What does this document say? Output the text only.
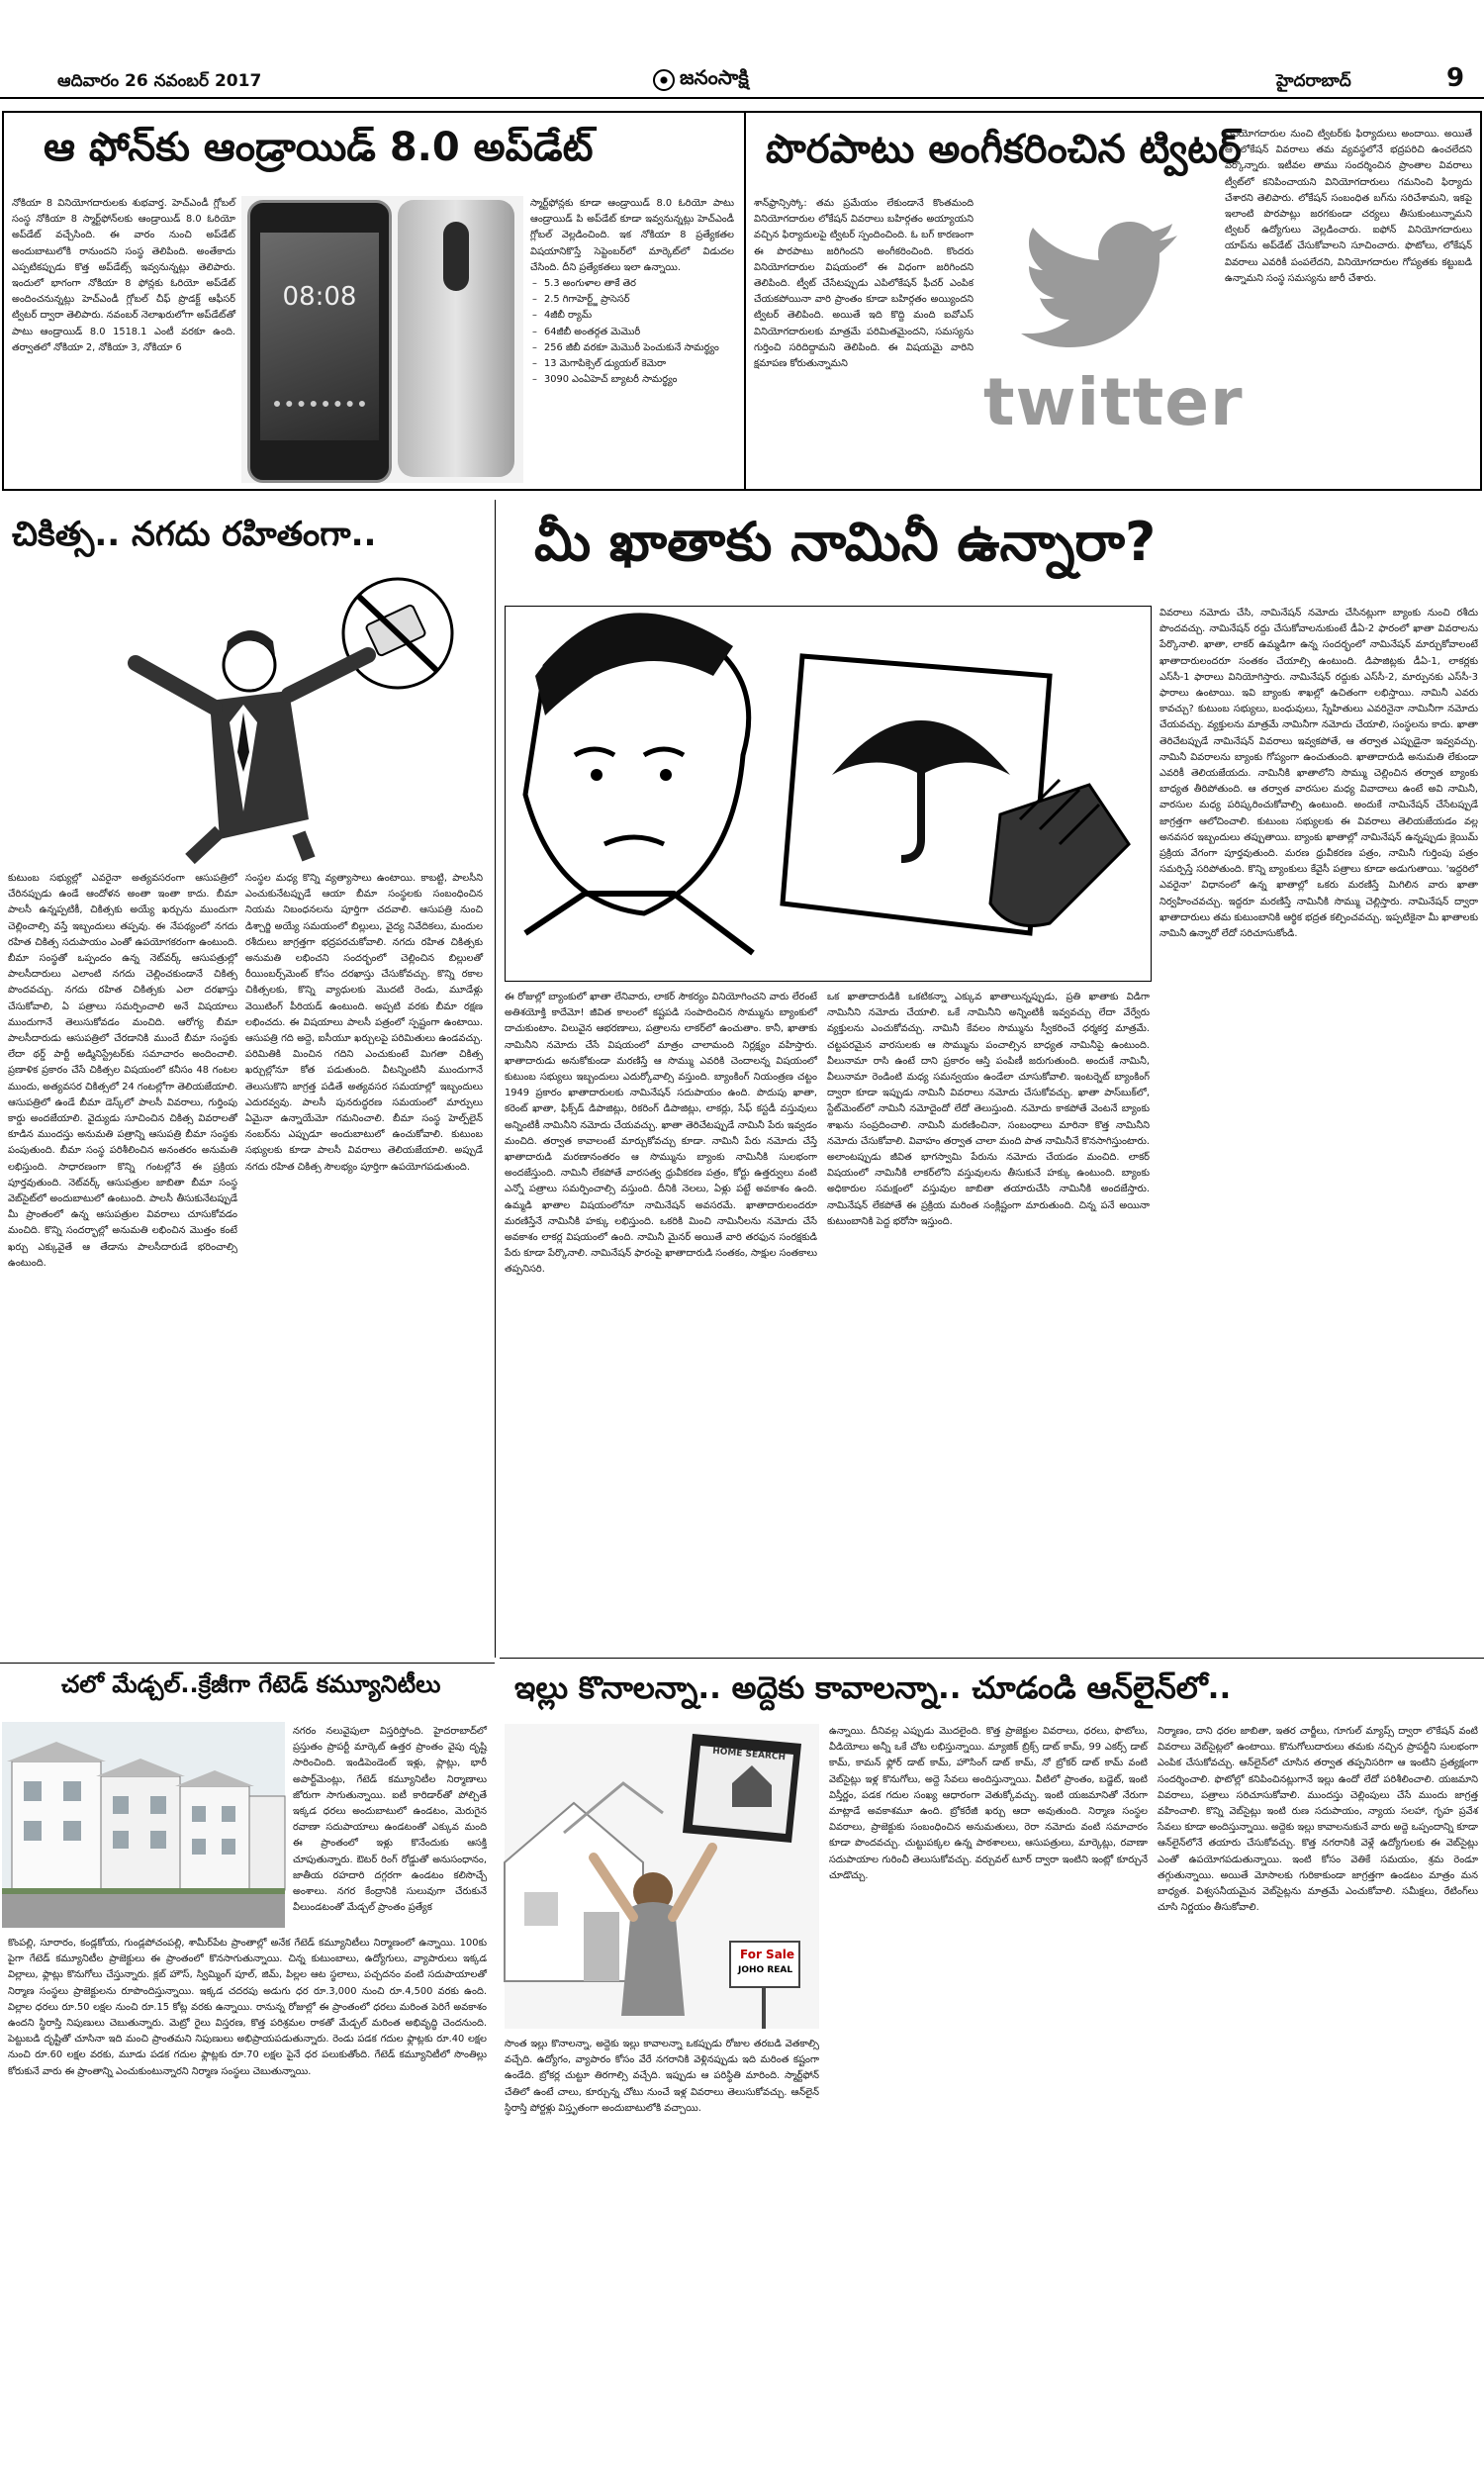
ఆదివారం 26 నవంబర్ 2017	జనంసాక్షి	హైదరాబాద్	9
ఆ ఫోన్‌కు ఆండ్రాయిడ్ 8.0 అప్‌డేట్
నోకియా 8 వినియోగదారులకు శుభవార్త. హెచ్‌ఎండీ గ్లోబల్ సంస్థ నోకియా 8 స్మార్ట్‌ఫోన్‌లకు ఆండ్రాయిడ్ 8.0 ఓరియో అప్‌డేట్ వచ్చేసింది. ఈ వారం నుంచి అప్‌డేట్ అందుబాటులోకి రానుందని సంస్థ తెలిపింది. అంతేకాదు ఎప్పటికప్పుడు కొత్త అప్‌డేట్స్ ఇవ్వనున్నట్లు తెలిపారు. ఇందులో భాగంగా నోకియా 8 ఫోన్లకు ఓరియో అప్‌డేట్ అందించనున్నట్లు హెచ్‌ఎండీ గ్లోబల్ చీఫ్ ప్రొడక్ట్ ఆఫీసర్ ట్విటర్ ద్వారా తెలిపారు. నవంబర్ నెలాఖరులోగా అప్‌డేట్‌తో పాటు ఆండ్రాయిడ్ 8.0 1518.1 ఎంటీ వరకూ ఉంది. తర్వాతలో నోకియా 2, నోకియా 3, నోకియా 6
08:08
స్మార్ట్‌ఫోన్లకు కూడా ఆండ్రాయిడ్ 8.0 ఓరియో పాటు ఆండ్రాయిడ్ పి అప్‌డేట్ కూడా ఇవ్వనున్నట్లు హెచ్‌ఎండీ గ్లోబల్ వెల్లడించింది. ఇక నోకియా 8 ప్రత్యేకతల విషయానికొస్తే సెప్టెంబర్‌లో మార్కెట్‌లో విడుదల చేసింది. దీని ప్రత్యేకతలు ఇలా ఉన్నాయి.
– 5.3 అంగుళాల తాకే తెర
– 2.5 గిగాహెర్ట్జ్ ప్రాసెసర్
– 4జీబీ ర్యామ్
– 64జీబీ అంతర్గత మెమొరీ
– 256 జీబీ వరకూ మెమొరీ పెంచుకునే సామర్థ్యం
– 13 మెగాపిక్సెల్ డ్యుయల్ కెమెరా
– 3090 ఎంఏహెచ్ బ్యాటరీ సామర్థ్యం
పొరపాటు అంగీకరించిన ట్విటర్
శాన్‌ఫ్రాన్సిస్కో: తమ ప్రమేయం లేకుండానే కొంతమంది వినియోగదారుల లోకేషన్ వివరాలు బహిర్గతం అయ్యాయని వచ్చిన ఫిర్యాదులపై ట్విటర్ స్పందించింది. ఓ బగ్ కారణంగా ఈ పొరపాటు జరిగిందని అంగీకరించింది. కొందరు వినియోగదారుల విషయంలో ఈ విధంగా జరిగిందని తెలిపింది. ట్వీట్ చేసేటప్పుడు ఎపిలోకేషన్ ఫీచర్ ఎంపిక చేయకపోయినా వారి ప్రాంతం కూడా బహిర్గతం అయ్యిందని ట్విటర్ తెలిపింది. అయితే ఇది కొద్ది మంది ఐవోఎస్ వినియోగదారులకు మాత్రమే పరిమితమైందని, సమస్యను గుర్తించి సరిదిద్దామని తెలిపింది. ఈ విషయమై వారిని క్షమాపణ కోరుతున్నామని
twitter
వినియోగదారుల నుంచి ట్విటర్‌కు ఫిర్యాదులు అందాయి. అయితే ఆ లోకేషన్ వివరాలు తమ వ్యవస్థలోనే భద్రపరిచి ఉంచలేదని పేర్కొన్నారు. ఇటీవల తాము సందర్శించిన ప్రాంతాల వివరాలు ట్వీట్‌లో కనిపించాయని వినియోగదారులు గమనించి ఫిర్యాదు చేశారని తెలిపారు. లోకేషన్ సంబంధిత బగ్‌ను సరిచేశామని, ఇకపై ఇలాంటి పొరపాట్లు జరగకుండా చర్యలు తీసుకుంటున్నామని ట్విటర్ ఉద్యోగులు వెల్లడించారు. ఐఫోన్ వినియోగదారులు యాప్‌ను అప్‌డేట్ చేసుకోవాలని సూచించారు. ఫొటోలు, లోకేషన్ వివరాలు ఎవరికీ పంపలేదని, వినియోగదారుల గోప్యతకు కట్టుబడి ఉన్నామని సంస్థ సమస్యను జారీ చేశారు.
చికిత్స.. నగదు రహితంగా..
కుటుంబ సభ్యుల్లో ఎవరైనా అత్యవసరంగా ఆసుపత్రిలో చేరినప్పుడు ఉండే ఆందోళన అంతా ఇంతా కాదు. బీమా పాలసీ ఉన్నప్పటికీ, చికిత్సకు అయ్యే ఖర్చును ముందుగా చెల్లించాల్సి వస్తే ఇబ్బందులు తప్పవు. ఈ నేపథ్యంలో నగదు రహిత చికిత్స సదుపాయం ఎంతో ఉపయోగకరంగా ఉంటుంది. బీమా సంస్థతో ఒప్పందం ఉన్న నెట్‌వర్క్ ఆసుపత్రుల్లో పాలసీదారులు ఎలాంటి నగదు చెల్లించకుండానే చికిత్స పొందవచ్చు. నగదు రహిత చికిత్సకు ఎలా దరఖాస్తు చేసుకోవాలి, ఏ పత్రాలు సమర్పించాలి అనే విషయాలు ముందుగానే తెలుసుకోవడం మంచిది. ఆరోగ్య బీమా పాలసీదారుడు ఆసుపత్రిలో చేరడానికి ముందే బీమా సంస్థకు లేదా థర్డ్ పార్టీ అడ్మినిస్ట్రేటర్‌కు సమాచారం అందించాలి. ప్రణాళిక ప్రకారం చేసే చికిత్సల విషయంలో కనీసం 48 గంటల ముందు, అత్యవసర చికిత్సలో 24 గంటల్లోగా తెలియజేయాలి. ఆసుపత్రిలో ఉండే బీమా డెస్క్‌లో పాలసీ వివరాలు, గుర్తింపు కార్డు అందజేయాలి. వైద్యుడు సూచించిన చికిత్స వివరాలతో కూడిన ముందస్తు అనుమతి పత్రాన్ని ఆసుపత్రి బీమా సంస్థకు పంపుతుంది. బీమా సంస్థ పరిశీలించిన అనంతరం అనుమతి లభిస్తుంది. సాధారణంగా కొన్ని గంటల్లోనే ఈ ప్రక్రియ పూర్తవుతుంది. నెట్‌వర్క్ ఆసుపత్రుల జాబితా బీమా సంస్థ వెబ్‌సైట్‌లో అందుబాటులో ఉంటుంది. పాలసీ తీసుకునేటప్పుడే మీ ప్రాంతంలో ఉన్న ఆసుపత్రుల వివరాలు చూసుకోవడం మంచిది. కొన్ని సందర్భాల్లో అనుమతి లభించిన మొత్తం కంటే ఖర్చు ఎక్కువైతే ఆ తేడాను పాలసీదారుడే భరించాల్సి ఉంటుంది.
సంస్థల మధ్య కొన్ని వ్యత్యాసాలు ఉంటాయి. కాబట్టి, పాలసీని ఎంచుకునేటప్పుడే ఆయా బీమా సంస్థలకు సంబంధించిన నియమ నిబంధనలను పూర్తిగా చదవాలి. ఆసుపత్రి నుంచి డిశ్చార్జి అయ్యే సమయంలో బిల్లులు, వైద్య నివేదికలు, మందుల రశీదులు జాగ్రత్తగా భద్రపరచుకోవాలి. నగదు రహిత చికిత్సకు అనుమతి లభించని సందర్భంలో చెల్లించిన బిల్లులతో రీయింబర్స్‌మెంట్ కోసం దరఖాస్తు చేసుకోవచ్చు. కొన్ని రకాల చికిత్సలకు, కొన్ని వ్యాధులకు మొదటి రెండు, మూడేళ్లు వెయిటింగ్ పీరియడ్ ఉంటుంది. అప్పటి వరకు బీమా రక్షణ లభించదు. ఈ విషయాలు పాలసీ పత్రంలో స్పష్టంగా ఉంటాయి. ఆసుపత్రి గది అద్దె, ఐసీయూ ఖర్చులపై పరిమితులు ఉండవచ్చు. పరిమితికి మించిన గదిని ఎంచుకుంటే మిగతా చికిత్స ఖర్చుల్లోనూ కోత పడుతుంది. వీటన్నింటినీ ముందుగానే తెలుసుకొని జాగ్రత్త పడితే అత్యవసర సమయాల్లో ఇబ్బందులు ఎదురవ్వవు. పాలసీ పునరుద్ధరణ సమయంలో మార్పులు ఏమైనా ఉన్నాయేమో గమనించాలి. బీమా సంస్థ హెల్ప్‌లైన్ నంబర్‌ను ఎప్పుడూ అందుబాటులో ఉంచుకోవాలి. కుటుంబ సభ్యులకు కూడా పాలసీ వివరాలు తెలియజేయాలి. అప్పుడే నగదు రహిత చికిత్స సౌలభ్యం పూర్తిగా ఉపయోగపడుతుంది.
మీ ఖాతాకు నామినీ ఉన్నారా?
ఈ రోజుల్లో బ్యాంకులో ఖాతా లేనివారు, లాకర్ సౌకర్యం వినియోగించని వారు లేరంటే అతిశయోక్తి కాదేమో! జీవిత కాలంలో కష్టపడి సంపాదించిన సొమ్మును బ్యాంకులో దాచుకుంటాం. విలువైన ఆభరణాలు, పత్రాలను లాకర్‌లో ఉంచుతాం. కానీ, ఖాతాకు నామినీని నమోదు చేసే విషయంలో మాత్రం చాలామంది నిర్లక్ష్యం వహిస్తారు. ఖాతాదారుడు అనుకోకుండా మరణిస్తే ఆ సొమ్ము ఎవరికి చెందాలన్న విషయంలో కుటుంబ సభ్యులు ఇబ్బందులు ఎదుర్కోవాల్సి వస్తుంది. బ్యాంకింగ్ నియంత్రణ చట్టం 1949 ప్రకారం ఖాతాదారులకు నామినేషన్ సదుపాయం ఉంది. పొదుపు ఖాతా, కరెంట్ ఖాతా, ఫిక్స్‌డ్ డిపాజిట్లు, రికరింగ్ డిపాజిట్లు, లాకర్లు, సేఫ్ కస్టడీ వస్తువులు అన్నింటికీ నామినీని నమోదు చేయవచ్చు. ఖాతా తెరిచేటప్పుడే నామినీ పేరు ఇవ్వడం మంచిది. తర్వాత కావాలంటే మార్చుకోవచ్చు కూడా. నామినీ పేరు నమోదు చేస్తే ఖాతాదారుడి మరణానంతరం ఆ సొమ్మును బ్యాంకు నామినీకి సులభంగా అందజేస్తుంది. నామినీ లేకపోతే వారసత్వ ధ్రువీకరణ పత్రం, కోర్టు ఉత్తర్వులు వంటి ఎన్నో పత్రాలు సమర్పించాల్సి వస్తుంది. దీనికి నెలలు, ఏళ్లు పట్టే అవకాశం ఉంది. ఉమ్మడి ఖాతాల విషయంలోనూ నామినేషన్ అవసరమే. ఖాతాదారులందరూ మరణిస్తేనే నామినీకి హక్కు లభిస్తుంది. ఒకరికి మించి నామినీలను నమోదు చేసే అవకాశం లాకర్ల విషయంలో ఉంది. నామినీ మైనర్ అయితే వారి తరఫున సంరక్షకుడి పేరు కూడా పేర్కొనాలి. నామినేషన్ ఫారంపై ఖాతాదారుడి సంతకం, సాక్షుల సంతకాలు తప్పనిసరి.
ఒక ఖాతాదారుడికి ఒకటికన్నా ఎక్కువ ఖాతాలున్నప్పుడు, ప్రతి ఖాతాకు విడిగా నామినీని నమోదు చేయాలి. ఒకే నామినీని అన్నింటికీ ఇవ్వవచ్చు లేదా వేర్వేరు వ్యక్తులను ఎంచుకోవచ్చు. నామినీ కేవలం సొమ్మును స్వీకరించే ధర్మకర్త మాత్రమే. చట్టపరమైన వారసులకు ఆ సొమ్మును పంచాల్సిన బాధ్యత నామినీపై ఉంటుంది. వీలునామా రాసి ఉంటే దాని ప్రకారం ఆస్తి పంపిణీ జరుగుతుంది. అందుకే నామినీ, వీలునామా రెండింటి మధ్య సమన్వయం ఉండేలా చూసుకోవాలి. ఇంటర్నెట్ బ్యాంకింగ్ ద్వారా కూడా ఇప్పుడు నామినీ వివరాలు నమోదు చేసుకోవచ్చు. ఖాతా పాస్‌బుక్‌లో, స్టేట్‌మెంట్‌లో నామినీ నమోదైందో లేదో తెలుస్తుంది. నమోదు కాకపోతే వెంటనే బ్యాంకు శాఖను సంప్రదించాలి. నామినీ మరణించినా, సంబంధాలు మారినా కొత్త నామినీని నమోదు చేసుకోవాలి. వివాహం తర్వాత చాలా మంది పాత నామినీనే కొనసాగిస్తుంటారు. అలాంటప్పుడు జీవిత భాగస్వామి పేరును నమోదు చేయడం మంచిది. లాకర్ విషయంలో నామినీకి లాకర్‌లోని వస్తువులను తీసుకునే హక్కు ఉంటుంది. బ్యాంకు అధికారుల సమక్షంలో వస్తువుల జాబితా తయారుచేసి నామినీకి అందజేస్తారు. నామినేషన్ లేకపోతే ఈ ప్రక్రియ మరింత సంక్లిష్టంగా మారుతుంది. చిన్న పనే అయినా కుటుంబానికి పెద్ద భరోసా ఇస్తుంది.
వివరాలు నమోదు చేసి, నామినేషన్ నమోదు చేసినట్లుగా బ్యాంకు నుంచి రశీదు పొందవచ్చు. నామినేషన్ రద్దు చేసుకోవాలనుకుంటే డీఏ-2 ఫారంలో ఖాతా వివరాలను పేర్కొనాలి. ఖాతా, లాకర్ ఉమ్మడిగా ఉన్న సందర్భంలో నామినేషన్ మార్చుకోవాలంటే ఖాతాదారులందరూ సంతకం చేయాల్సి ఉంటుంది. డిపాజిట్లకు డీఏ-1, లాకర్లకు ఎస్‌సీ-1 ఫారాలు వినియోగిస్తారు. నామినేషన్ రద్దుకు ఎస్‌సీ-2, మార్పునకు ఎస్‌సీ-3 ఫారాలు ఉంటాయి. ఇవి బ్యాంకు శాఖల్లో ఉచితంగా లభిస్తాయి. నామినీ ఎవరు కావచ్చు? కుటుంబ సభ్యులు, బంధువులు, స్నేహితులు ఎవరినైనా నామినీగా నమోదు చేయవచ్చు. వ్యక్తులను మాత్రమే నామినీగా నమోదు చేయాలి, సంస్థలను కాదు. ఖాతా తెరిచేటప్పుడే నామినేషన్ వివరాలు ఇవ్వకపోతే, ఆ తర్వాత ఎప్పుడైనా ఇవ్వవచ్చు. నామినీ వివరాలను బ్యాంకు గోప్యంగా ఉంచుతుంది. ఖాతాదారుడి అనుమతి లేకుండా ఎవరికీ తెలియజేయదు. నామినీకి ఖాతాలోని సొమ్ము చెల్లించిన తర్వాత బ్యాంకు బాధ్యత తీరిపోతుంది. ఆ తర్వాత వారసుల మధ్య వివాదాలు ఉంటే అవి నామినీ, వారసుల మధ్య పరిష్కరించుకోవాల్సి ఉంటుంది. అందుకే నామినేషన్ చేసేటప్పుడే జాగ్రత్తగా ఆలోచించాలి. కుటుంబ సభ్యులకు ఈ వివరాలు తెలియజేయడం వల్ల అనవసర ఇబ్బందులు తప్పుతాయి. బ్యాంకు ఖాతాల్లో నామినేషన్ ఉన్నప్పుడు క్లెయిమ్ ప్రక్రియ వేగంగా పూర్తవుతుంది. మరణ ధ్రువీకరణ పత్రం, నామినీ గుర్తింపు పత్రం సమర్పిస్తే సరిపోతుంది. కొన్ని బ్యాంకులు కేవైసీ పత్రాలు కూడా అడుగుతాయి. 'ఇద్దరిలో ఎవరైనా' విధానంలో ఉన్న ఖాతాల్లో ఒకరు మరణిస్తే మిగిలిన వారు ఖాతా నిర్వహించవచ్చు. ఇద్దరూ మరణిస్తే నామినీకి సొమ్ము చెల్లిస్తారు. నామినేషన్ ద్వారా ఖాతాదారులు తమ కుటుంబానికి ఆర్థిక భద్రత కల్పించవచ్చు. ఇప్పటికైనా మీ ఖాతాలకు నామినీ ఉన్నారో లేదో సరిచూసుకోండి.
చలో మేడ్చల్‌..క్రేజీగా గేటెడ్ కమ్యూనిటీలు
నగరం నలువైపులా విస్తరిస్తోంది. హైదరాబాద్‌లో ప్రస్తుతం ప్రాపర్టీ మార్కెట్ ఉత్తర ప్రాంతం వైపు దృష్టి సారించింది. ఇండిపెండెంట్ ఇళ్లు, ప్లాట్లు, భారీ అపార్ట్‌మెంట్లు, గేటెడ్ కమ్యూనిటీల నిర్మాణాలు జోరుగా సాగుతున్నాయి. ఐటీ కారిడార్‌తో పోల్చితే ఇక్కడ ధరలు అందుబాటులో ఉండటం, మెరుగైన రవాణా సదుపాయాలు ఉండటంతో ఎక్కువ మంది ఈ ప్రాంతంలో ఇళ్లు కొనేందుకు ఆసక్తి చూపుతున్నారు. ఔటర్ రింగ్ రోడ్డుతో అనుసంధానం, జాతీయ రహదారి దగ్గరగా ఉండటం కలిసొచ్చే అంశాలు. నగర కేంద్రానికి సులువుగా చేరుకునే వీలుండటంతో మేడ్చల్ ప్రాంతం ప్రత్యేక
కొంపల్లి, సూరారం, కండ్లకోయ, గుండ్లపోచంపల్లి, శామీర్‌పేట ప్రాంతాల్లో అనేక గేటెడ్ కమ్యూనిటీలు నిర్మాణంలో ఉన్నాయి. 100కు పైగా గేటెడ్ కమ్యూనిటీల ప్రాజెక్టులు ఈ ప్రాంతంలో కొనసాగుతున్నాయి. చిన్న కుటుంబాలు, ఉద్యోగులు, వ్యాపారులు ఇక్కడ విల్లాలు, ఫ్లాట్లు కొనుగోలు చేస్తున్నారు. క్లబ్ హౌస్, స్విమ్మింగ్ పూల్, జిమ్, పిల్లల ఆట స్థలాలు, పచ్చదనం వంటి సదుపాయాలతో నిర్మాణ సంస్థలు ప్రాజెక్టులను రూపొందిస్తున్నాయి. ఇక్కడ చదరపు అడుగు ధర రూ.3,000 నుంచి రూ.4,500 వరకు ఉంది. విల్లాల ధరలు రూ.50 లక్షల నుంచి రూ.15 కోట్ల వరకు ఉన్నాయి. రానున్న రోజుల్లో ఈ ప్రాంతంలో ధరలు మరింత పెరిగే అవకాశం ఉందని స్థిరాస్తి నిపుణులు చెబుతున్నారు. మెట్రో రైలు విస్తరణ, కొత్త పరిశ్రమల రాకతో మేడ్చల్ మరింత అభివృద్ధి చెందనుంది. పెట్టుబడి దృష్టితో చూసినా ఇది మంచి ప్రాంతమని నిపుణులు అభిప్రాయపడుతున్నారు. రెండు పడక గదుల ఫ్లాట్లకు రూ.40 లక్షల నుంచి రూ.60 లక్షల వరకు, మూడు పడక గదుల ఫ్లాట్లకు రూ.70 లక్షల పైనే ధర పలుకుతోంది. గేటెడ్ కమ్యూనిటీలో సొంతిల్లు కోరుకునే వారు ఈ ప్రాంతాన్ని ఎంచుకుంటున్నారని నిర్మాణ సంస్థలు చెబుతున్నాయి.
ఇల్లు కొనాలన్నా.. అద్దెకు కావాలన్నా.. చూడండి ఆన్‌లైన్‌లో..
HOME SEARCH
For Sale
JOHO REAL
సొంత ఇల్లు కొనాలన్నా, అద్దెకు ఇల్లు కావాలన్నా ఒకప్పుడు రోజుల తరబడి వెతకాల్సి వచ్చేది. ఉద్యోగం, వ్యాపారం కోసం వేరే నగరానికి వెళ్లినప్పుడు ఇది మరింత కష్టంగా ఉండేది. బ్రోకర్ల చుట్టూ తిరగాల్సి వచ్చేది. ఇప్పుడు ఆ పరిస్థితి మారింది. స్మార్ట్‌ఫోన్ చేతిలో ఉంటే చాలు, కూర్చున్న చోటు నుంచే ఇళ్ల వివరాలు తెలుసుకోవచ్చు. ఆన్‌లైన్ స్థిరాస్తి పోర్టళ్లు విస్తృతంగా అందుబాటులోకి వచ్చాయి.
ఉన్నాయి. దీనివల్ల ఎప్పుడు మొదలైంది. కొత్త ప్రాజెక్టుల వివరాలు, ధరలు, ఫొటోలు, వీడియోలు అన్నీ ఒకే చోట లభిస్తున్నాయి. మ్యాజిక్ బ్రిక్స్ డాట్ కామ్, 99 ఎకర్స్ డాట్ కామ్, కామన్ ఫ్లోర్ డాట్ కామ్, హౌసింగ్ డాట్ కామ్, నో బ్రోకర్ డాట్ కామ్ వంటి వెబ్‌సైట్లు ఇళ్ల కొనుగోలు, అద్దె సేవలు అందిస్తున్నాయి. వీటిలో ప్రాంతం, బడ్జెట్, ఇంటి విస్తీర్ణం, పడక గదుల సంఖ్య ఆధారంగా వెతుక్కోవచ్చు. ఇంటి యజమానితో నేరుగా మాట్లాడే అవకాశమూ ఉంది. బ్రోకరేజీ ఖర్చు ఆదా అవుతుంది. నిర్మాణ సంస్థల వివరాలు, ప్రాజెక్టుకు సంబంధించిన అనుమతులు, రెరా నమోదు వంటి సమాచారం కూడా పొందవచ్చు. చుట్టుపక్కల ఉన్న పాఠశాలలు, ఆసుపత్రులు, మార్కెట్లు, రవాణా సదుపాయాల గురించీ తెలుసుకోవచ్చు. వర్చువల్ టూర్ ద్వారా ఇంటిని ఇంట్లో కూర్చునే చూడొచ్చు.
నిర్మాణం, దాని ధరల జాబితా, ఇతర చార్జీలు, గూగుల్ మ్యాప్స్ ద్వారా లొకేషన్ వంటి వివరాలు వెబ్‌సైట్లలో ఉంటాయి. కొనుగోలుదారులు తమకు నచ్చిన ప్రాపర్టీని సులభంగా ఎంపిక చేసుకోవచ్చు. ఆన్‌లైన్‌లో చూసిన తర్వాత తప్పనిసరిగా ఆ ఇంటిని ప్రత్యక్షంగా సందర్శించాలి. ఫొటోల్లో కనిపించినట్లుగానే ఇల్లు ఉందో లేదో పరిశీలించాలి. యజమాని వివరాలు, పత్రాలు సరిచూసుకోవాలి. ముందస్తు చెల్లింపులు చేసే ముందు జాగ్రత్త వహించాలి. కొన్ని వెబ్‌సైట్లు ఇంటి రుణ సదుపాయం, న్యాయ సలహా, గృహ ప్రవేశ సేవలు కూడా అందిస్తున్నాయి. అద్దెకు ఇల్లు కావాలనుకునే వారు అద్దె ఒప్పందాన్ని కూడా ఆన్‌లైన్‌లోనే తయారు చేసుకోవచ్చు. కొత్త నగరానికి వెళ్లే ఉద్యోగులకు ఈ వెబ్‌సైట్లు ఎంతో ఉపయోగపడుతున్నాయి. ఇంటి కోసం వెతికే సమయం, శ్రమ రెండూ తగ్గుతున్నాయి. అయితే మోసాలకు గురికాకుండా జాగ్రత్తగా ఉండటం మాత్రం మన బాధ్యత. విశ్వసనీయమైన వెబ్‌సైట్లను మాత్రమే ఎంచుకోవాలి. సమీక్షలు, రేటింగ్‌లు చూసి నిర్ణయం తీసుకోవాలి.
